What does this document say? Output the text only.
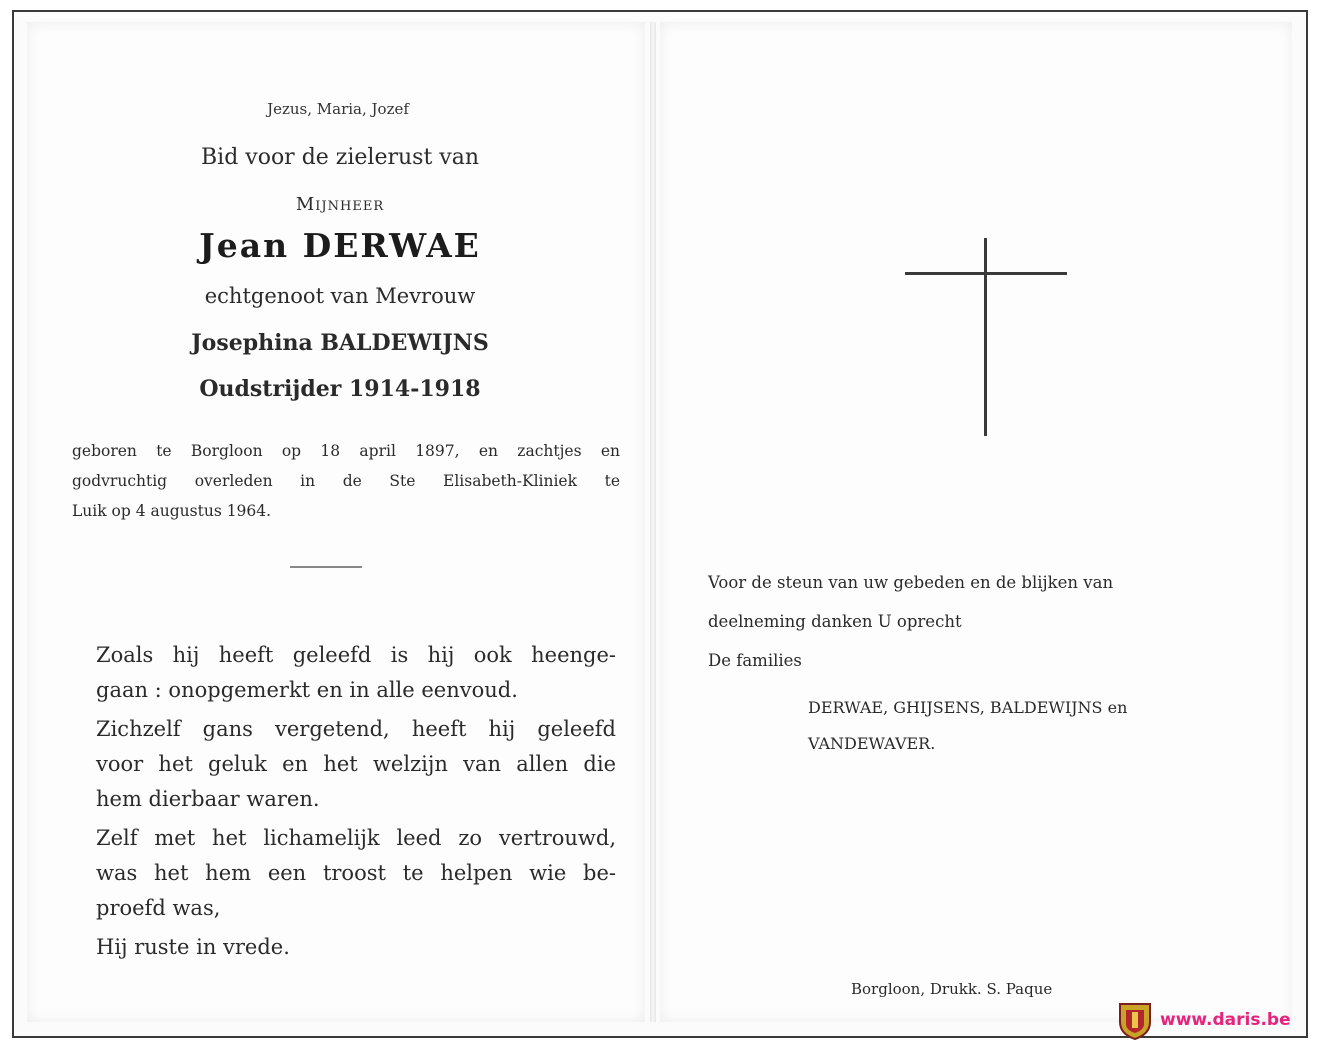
Jezus, Maria, Jozef
Bid voor de zielerust van
Mijnheer
Jean DERWAE
echtgenoot van Mevrouw
Josephina BALDEWIJNS
Oudstrijder 1914-1918

geboren te Borgloon op 18 april 1897, en zachtjes en

godvruchtig overleden in de Ste Elisabeth-Kliniek te

Luik op 4 augustus 1964.

Zoals hij heeft geleefd is hij ook heenge-

gaan : onopgemerkt en in alle eenvoud.

Zichzelf gans vergetend, heeft hij geleefd

voor het geluk en het welzijn van allen die

hem dierbaar waren.

Zelf met het lichamelijk leed zo vertrouwd,

was het hem een troost te helpen wie be-

proefd was,

Hij ruste in vrede.

Voor de steun van uw gebeden en de blijken van

deelneming danken U oprecht

De families

DERWAE, GHIJSENS, BALDEWIJNS en

VANDEWAVER.

Borgloon, Drukk. S. Paque
www.daris.be
